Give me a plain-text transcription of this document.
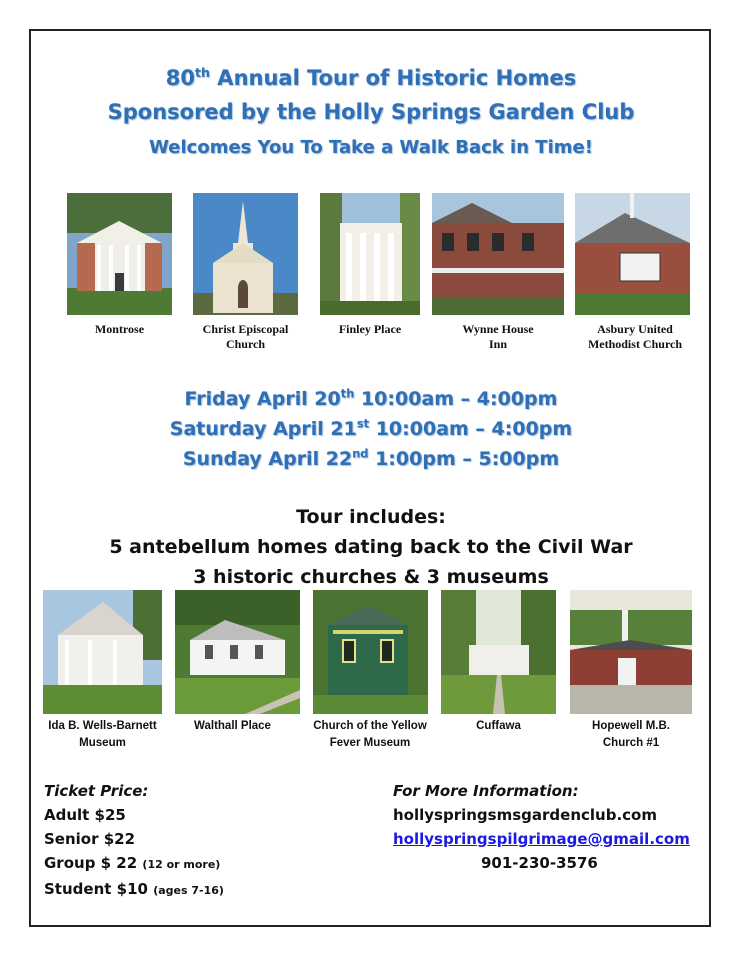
80th Annual Tour of Historic Homes
Sponsored by the Holly Springs Garden Club
Welcomes You To Take a Walk Back in Time!
Montrose	Christ Episcopal
Church
Finley Place	Wynne House
Inn
Asbury United
Methodist Church
Friday April 20th 10:00am – 4:00pm
Saturday April 21st 10:00am – 4:00pm
Sunday April 22nd 1:00pm – 5:00pm
Tour includes:
5 antebellum homes dating back to the Civil War
3 historic churches & 3 museums
Ida B. Wells-Barnett
Museum
Walthall Place	Church of the Yellow
Fever Museum
Cuffawa	Hopewell M.B.
Church #1
Ticket Price:
Adult $25
Senior $22
Group $ 22 (12 or more)
Student $10 (ages 7-16)
For More Information:
hollyspringsmsgardenclub.com
hollyspringspilgrimage@gmail.com
901-230-3576
